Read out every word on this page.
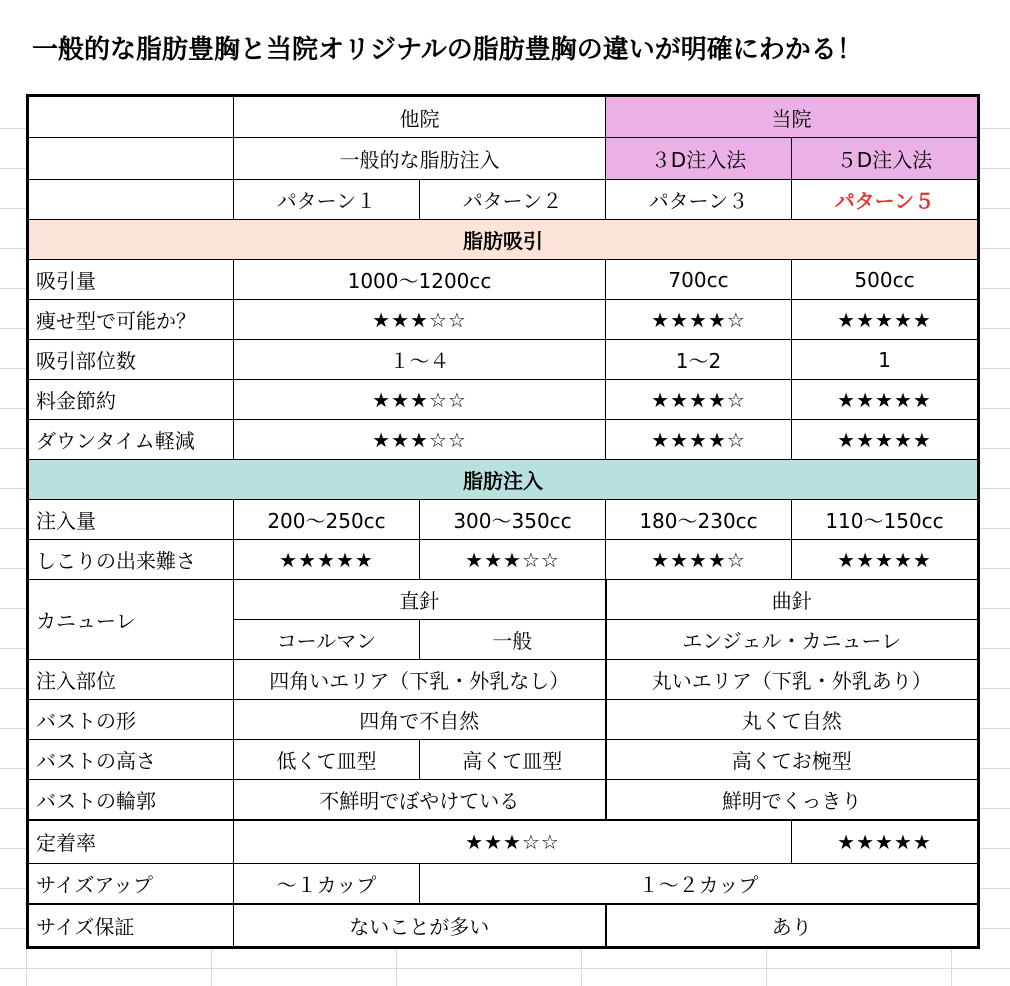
一般的な脂肪豊胸と当院オリジナルの脂肪豊胸の違いが明確にわかる！
	他院		当院	
	一般的な脂肪注入		３D注入法	５D注入法
	パターン１	パターン２	パターン３	パターン５
脂肪吸引				
吸引量	1000〜1200cc		700cc	500cc
痩せ型で可能か？	★★★☆☆		★★★★☆	★★★★★
吸引部位数	１〜４		1〜2	1
料金節約	★★★☆☆		★★★★☆	★★★★★
ダウンタイム軽減	★★★☆☆		★★★★☆	★★★★★
脂肪注入				
注入量	200〜250cc	300〜350cc	180〜230cc	110〜150cc
しこりの出来難さ	★★★★★	★★★☆☆	★★★★☆	★★★★★
カニューレ	直針		曲針	
	コールマン	一般	エンジェル・カニューレ	
注入部位	四角いエリア（下乳・外乳なし）		丸いエリア（下乳・外乳あり）	
バストの形	四角で不自然		丸くて自然	
バストの高さ	低くて皿型	高くて皿型	高くてお椀型	
バストの輪郭	不鮮明でぼやけている		鮮明でくっきり	
定着率	★★★☆☆			★★★★★
サイズアップ	〜１カップ	１〜２カップ		
サイズ保証	ないことが多い		あり	
